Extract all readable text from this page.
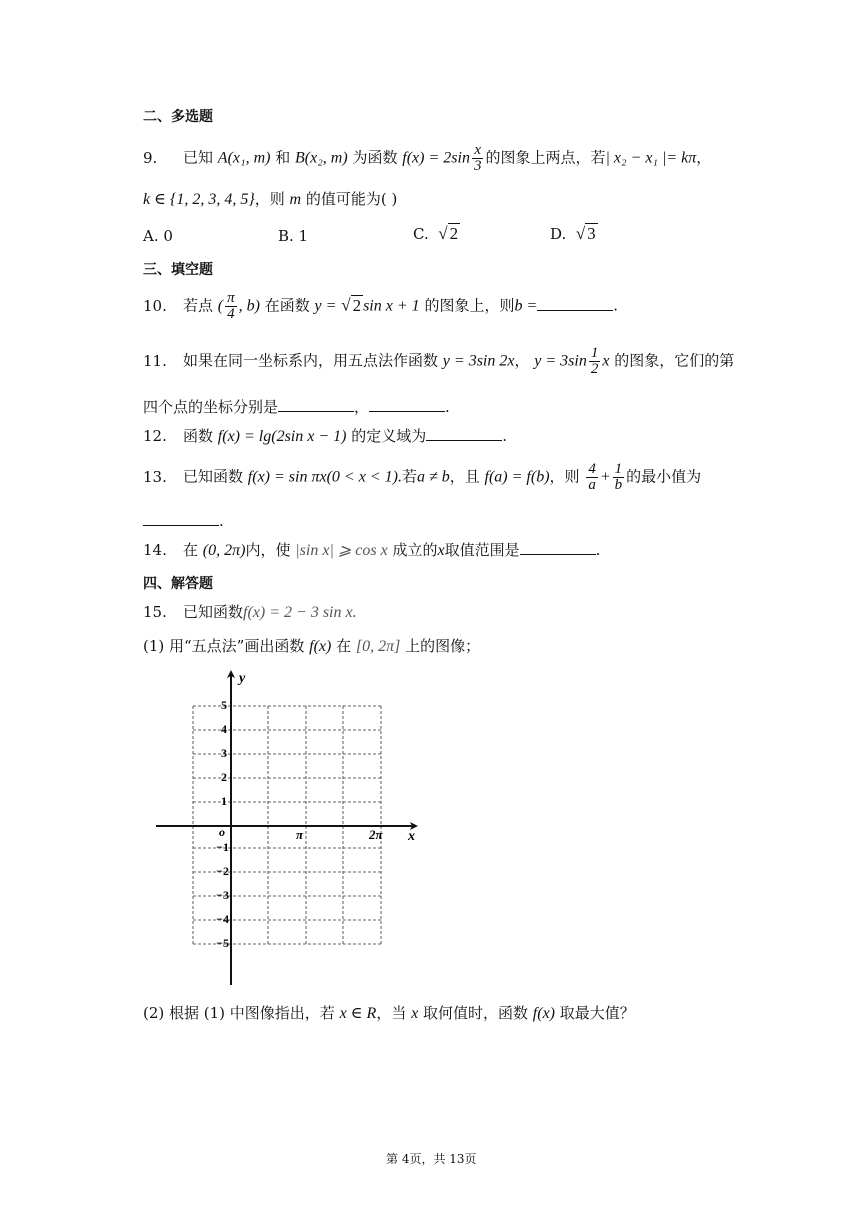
二、多选题
9. 已知 A(x₁, m) 和 B(x₂, m) 为函数 $f(x) = 2\sin \frac{x}{3}$ 的图象上两点，若| x₂ − x₁ |= kπ，
k ∈ {1, 2, 3, 4, 5}，则 m 的值可能为( )
A. 0	B. 1	C. √ 2	D. √ 3
三、填空题
10. 若点 ( $\frac{\pi}{4}$ , b) 在函数 y = √ 2 sin x + 1 的图象上，则b =	.
11. 如果在同一坐标系内，用五点法作函数 y = 3sin 2x， $y = 3\sin \frac{1}{2}$ x 的图象，它们的第
四个点的坐标分别是	，	.
12. 函数 f(x) = lg(2sin x − 1) 的定义域为	.
13. 已知函数 f(x) = sin πx(0 < x < 1).若a ≠ b，且 f(a) = f(b)，则 $\frac{4}{a} + \frac{1}{b}$ 的最小值为
.
14. 在 (0, 2π)内，使 |sin x| ⩾ cos x 成立的x取值范围是	.
四、解答题
15. 已知函数f(x) = 2 − 3 sin x.
(1) 用“五点法”画出函数 f(x) 在 [0, 2π] 上的图像；
y
x
o	π	2π
5
4
3
2
1
−1
−2
−3
−4
−5
(2) 根据 (1) 中图像指出，若 x ∈ R，当 x 取何值时，函数 f(x) 取最大值？
第 4页，共 13页
